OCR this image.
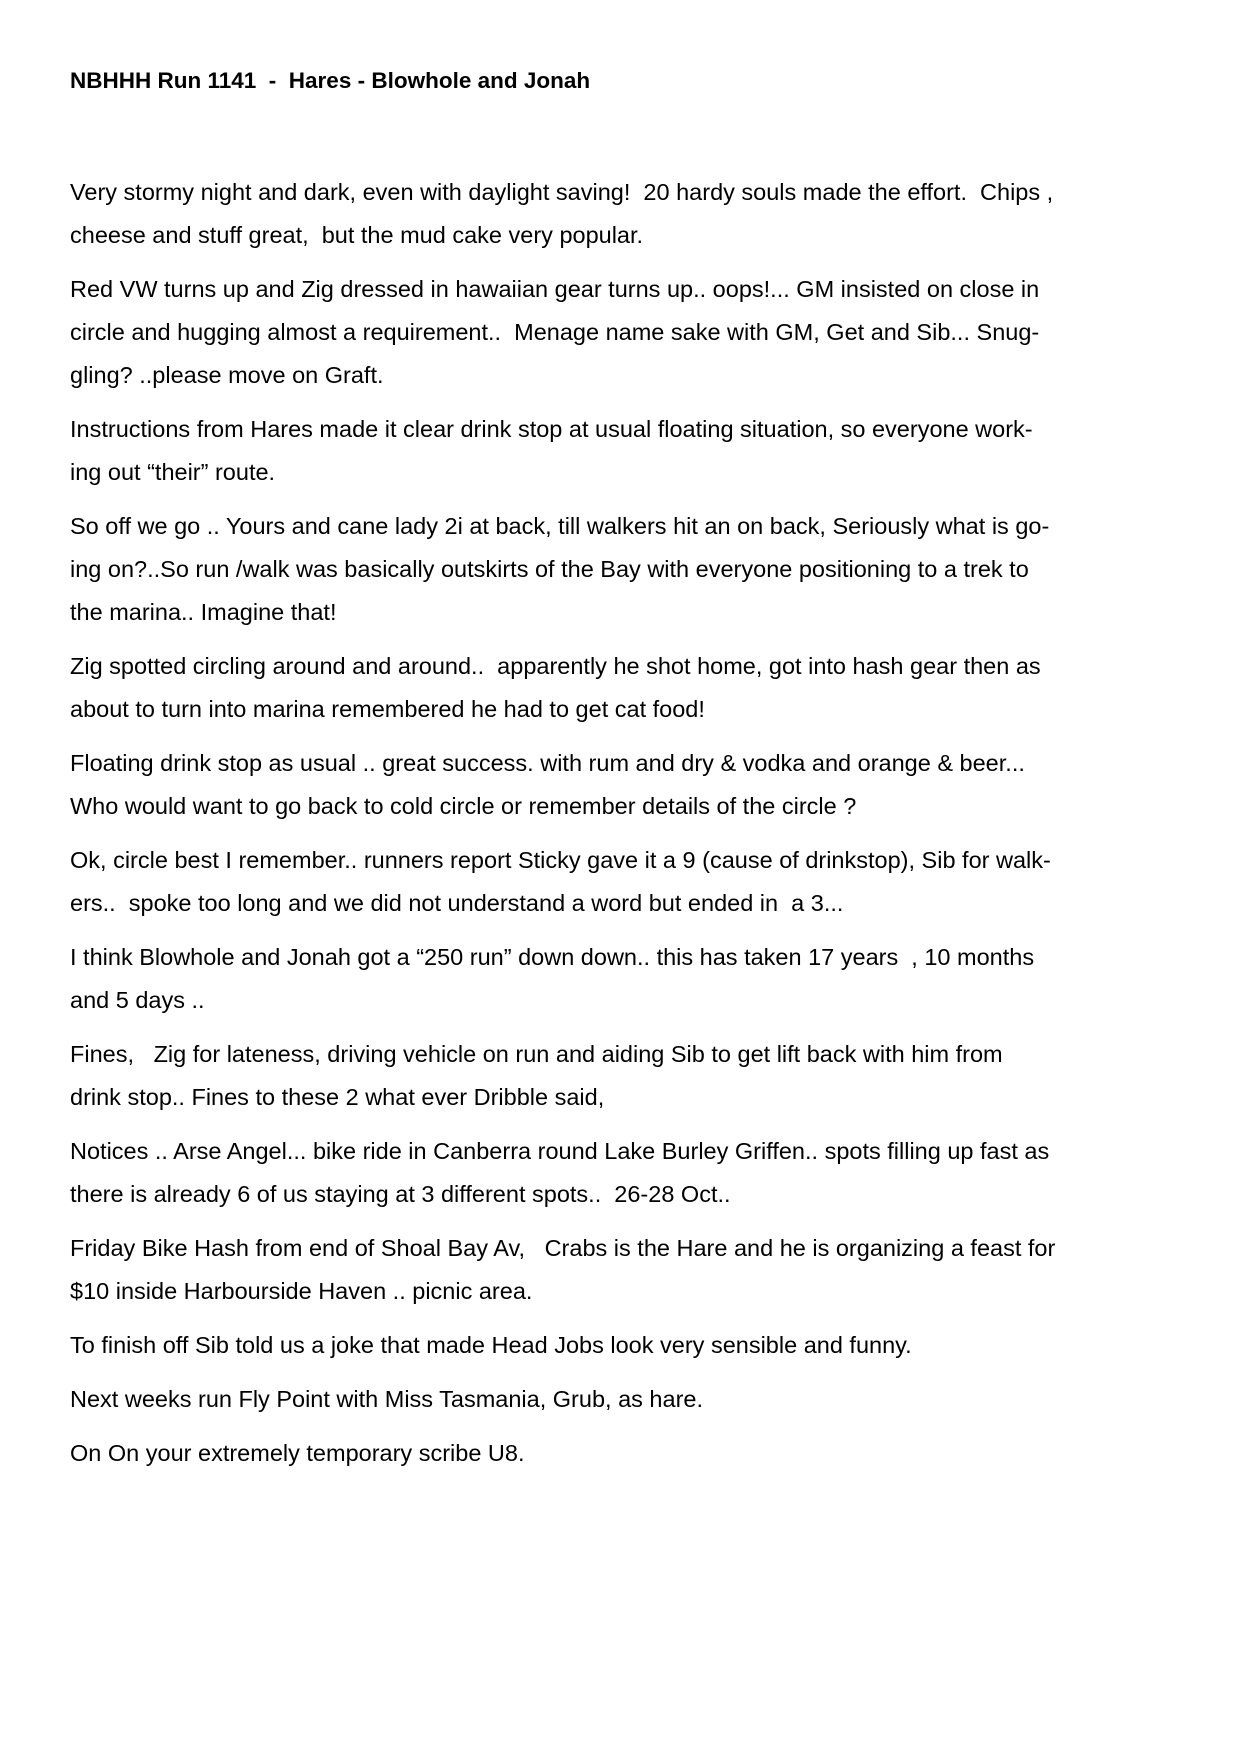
NBHHH Run 1141  -  Hares - Blowhole and Jonah

Very stormy night and dark, even with daylight saving!  20 hardy souls made the effort.  Chips ,
cheese and stuff great,  but the mud cake very popular.

Red VW turns up and Zig dressed in hawaiian gear turns up.. oops!... GM insisted on close in
circle and hugging almost a requirement..  Menage name sake with GM, Get and Sib... Snug-
gling? ..please move on Graft.

Instructions from Hares made it clear drink stop at usual floating situation, so everyone work-
ing out “their” route.

So off we go .. Yours and cane lady 2i at back, till walkers hit an on back, Seriously what is go-
ing on?..So run /walk was basically outskirts of the Bay with everyone positioning to a trek to
the marina.. Imagine that!

Zig spotted circling around and around..  apparently he shot home, got into hash gear then as
about to turn into marina remembered he had to get cat food!

Floating drink stop as usual .. great success. with rum and dry & vodka and orange & beer...
Who would want to go back to cold circle or remember details of the circle ?

Ok, circle best I remember.. runners report Sticky gave it a 9 (cause of drinkstop), Sib for walk-
ers..  spoke too long and we did not understand a word but ended in  a 3...

I think Blowhole and Jonah got a “250 run” down down.. this has taken 17 years  , 10 months
and 5 days ..

Fines,   Zig for lateness, driving vehicle on run and aiding Sib to get lift back with him from
drink stop.. Fines to these 2 what ever Dribble said,

Notices .. Arse Angel... bike ride in Canberra round Lake Burley Griffen.. spots filling up fast as
there is already 6 of us staying at 3 different spots..  26-28 Oct..

Friday Bike Hash from end of Shoal Bay Av,   Crabs is the Hare and he is organizing a feast for
$10 inside Harbourside Haven .. picnic area.

To finish off Sib told us a joke that made Head Jobs look very sensible and funny.

Next weeks run Fly Point with Miss Tasmania, Grub, as hare.

On On your extremely temporary scribe U8.
